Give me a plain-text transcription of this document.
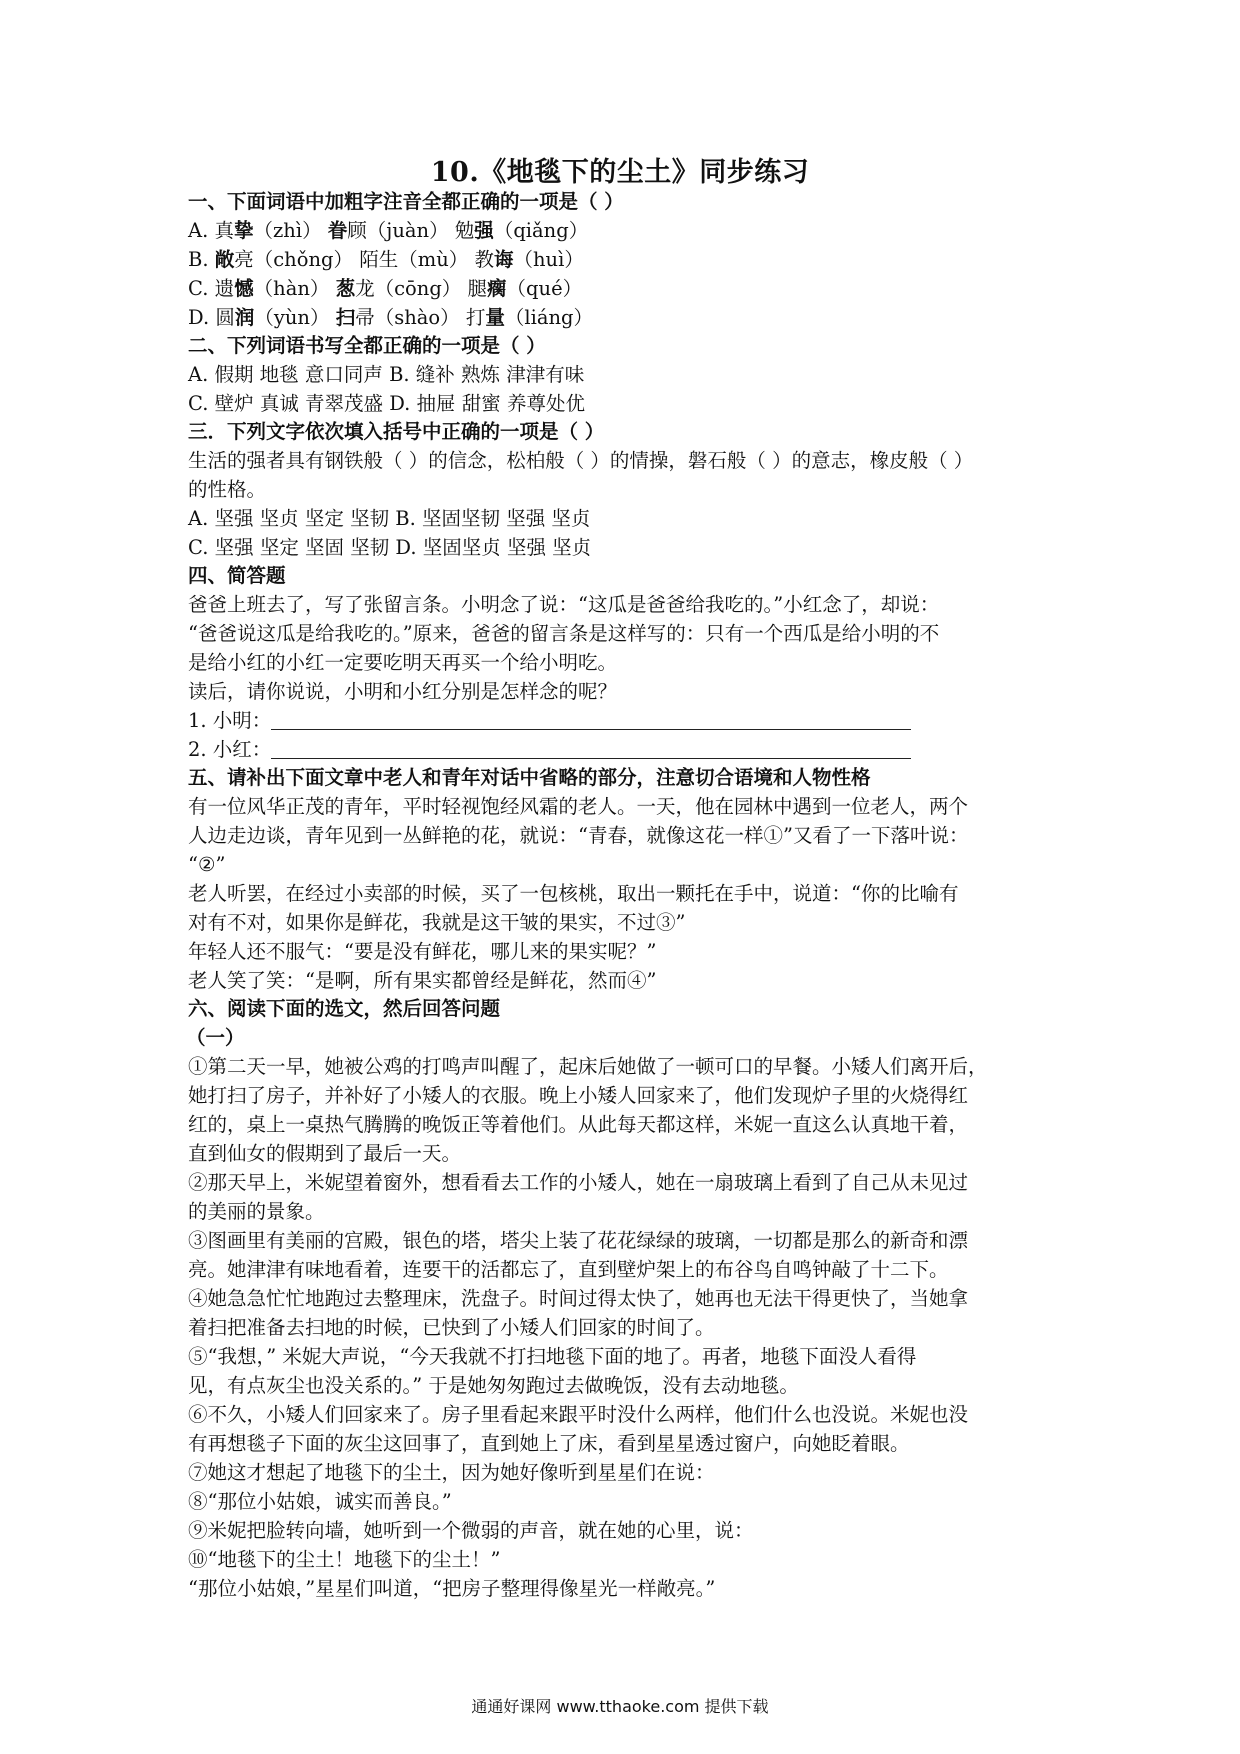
10.《地毯下的尘土》同步练习
一、下面词语中加粗字注音全都正确的一项是（ ）
A. 真挚（zhì） 眷顾（juàn） 勉强（qiǎng）
B. 敞亮（chǒng） 陌生（mù） 教诲（huì）
C. 遗憾（hàn） 葱龙（cōng） 腿瘸（qué）
D. 圆润（yùn） 扫帚（shào） 打量（liáng）
二、下列词语书写全都正确的一项是（ ）
A. 假期 地毯 意口同声 B. 缝补 熟炼 津津有味
C. 壁炉 真诚 青翠茂盛 D. 抽屉 甜蜜 养尊处优
三．下列文字依次填入括号中正确的一项是（ ）
生活的强者具有钢铁般（ ）的信念，松柏般（ ）的情操，磐石般（ ）的意志，橡皮般（ ）
的性格。
A. 坚强 坚贞 坚定 坚韧 B. 坚固坚韧 坚强 坚贞
C. 坚强 坚定 坚固 坚韧 D. 坚固坚贞 坚强 坚贞
四、简答题
爸爸上班去了，写了张留言条。小明念了说：“这瓜是爸爸给我吃的。”小红念了，却说：
“爸爸说这瓜是给我吃的。”原来，爸爸的留言条是这样写的：只有一个西瓜是给小明的不
是给小红的小红一定要吃明天再买一个给小明吃。
读后，请你说说，小明和小红分别是怎样念的呢？
1. 小明：
2. 小红：
五、请补出下面文章中老人和青年对话中省略的部分，注意切合语境和人物性格
有一位风华正茂的青年，平时轻视饱经风霜的老人。一天，他在园林中遇到一位老人，两个
人边走边谈，青年见到一丛鲜艳的花，就说：“青春，就像这花一样①”又看了一下落叶说：
“②”
老人听罢，在经过小卖部的时候，买了一包核桃，取出一颗托在手中，说道：“你的比喻有
对有不对，如果你是鲜花，我就是这干皱的果实，不过③”
年轻人还不服气：“要是没有鲜花，哪儿来的果实呢？”
老人笑了笑：“是啊，所有果实都曾经是鲜花，然而④”
六、阅读下面的选文，然后回答问题
（一）
①第二天一早，她被公鸡的打鸣声叫醒了，起床后她做了一顿可口的早餐。小矮人们离开后，
她打扫了房子，并补好了小矮人的衣服。晚上小矮人回家来了，他们发现炉子里的火烧得红
红的，桌上一桌热气腾腾的晚饭正等着他们。从此每天都这样，米妮一直这么认真地干着，
直到仙女的假期到了最后一天。
②那天早上，米妮望着窗外，想看看去工作的小矮人，她在一扇玻璃上看到了自己从未见过
的美丽的景象。
③图画里有美丽的宫殿，银色的塔，塔尖上装了花花绿绿的玻璃，一切都是那么的新奇和漂
亮。她津津有味地看着，连要干的活都忘了，直到壁炉架上的布谷鸟自鸣钟敲了十二下。
④她急急忙忙地跑过去整理床，洗盘子。时间过得太快了，她再也无法干得更快了，当她拿
着扫把准备去扫地的时候，已快到了小矮人们回家的时间了。
⑤“我想，” 米妮大声说，“今天我就不打扫地毯下面的地了。再者，地毯下面没人看得
见，有点灰尘也没关系的。” 于是她匆匆跑过去做晚饭，没有去动地毯。
⑥不久，小矮人们回家来了。房子里看起来跟平时没什么两样，他们什么也没说。米妮也没
有再想毯子下面的灰尘这回事了，直到她上了床，看到星星透过窗户，向她眨着眼。
⑦她这才想起了地毯下的尘土，因为她好像听到星星们在说：
⑧“那位小姑娘，诚实而善良。”
⑨米妮把脸转向墙，她听到一个微弱的声音，就在她的心里，说：
⑩“地毯下的尘土！地毯下的尘土！”
“那位小姑娘，”星星们叫道，“把房子整理得像星光一样敞亮。”
通通好课网 www.tthaoke.com 提供下载
